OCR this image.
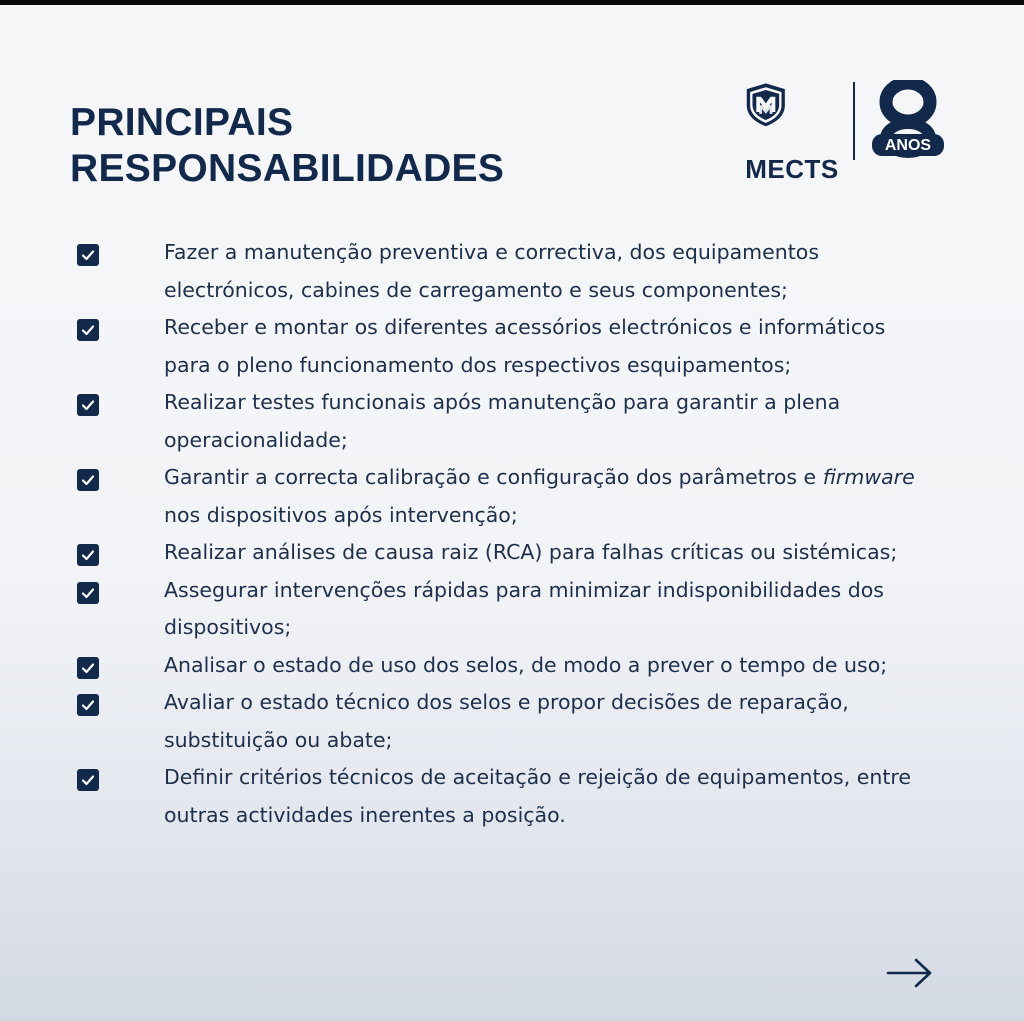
PRINCIPAIS
RESPONSABILIDADES	MECTS
ANOS

Fazer a manutenção preventiva e correctiva, dos equipamentos electrónicos, cabines de carregamento e seus componentes;

Receber e montar os diferentes acessórios electrónicos e informáticos para o pleno funcionamento dos respectivos esquipamentos;

Realizar testes funcionais após manutenção para garantir a plena operacionalidade;

Garantir a correcta calibração e configuração dos parâmetros e firmware nos dispositivos após intervenção;

Realizar análises de causa raiz (RCA) para falhas críticas ou sistémicas;

Assegurar intervenções rápidas para minimizar indisponibilidades dos dispositivos;

Analisar o estado de uso dos selos, de modo a prever o tempo de uso;

Avaliar o estado técnico dos selos e propor decisões de reparação, substituição ou abate;

Definir critérios técnicos de aceitação e rejeição de equipamentos, entre outras actividades inerentes a posição.
